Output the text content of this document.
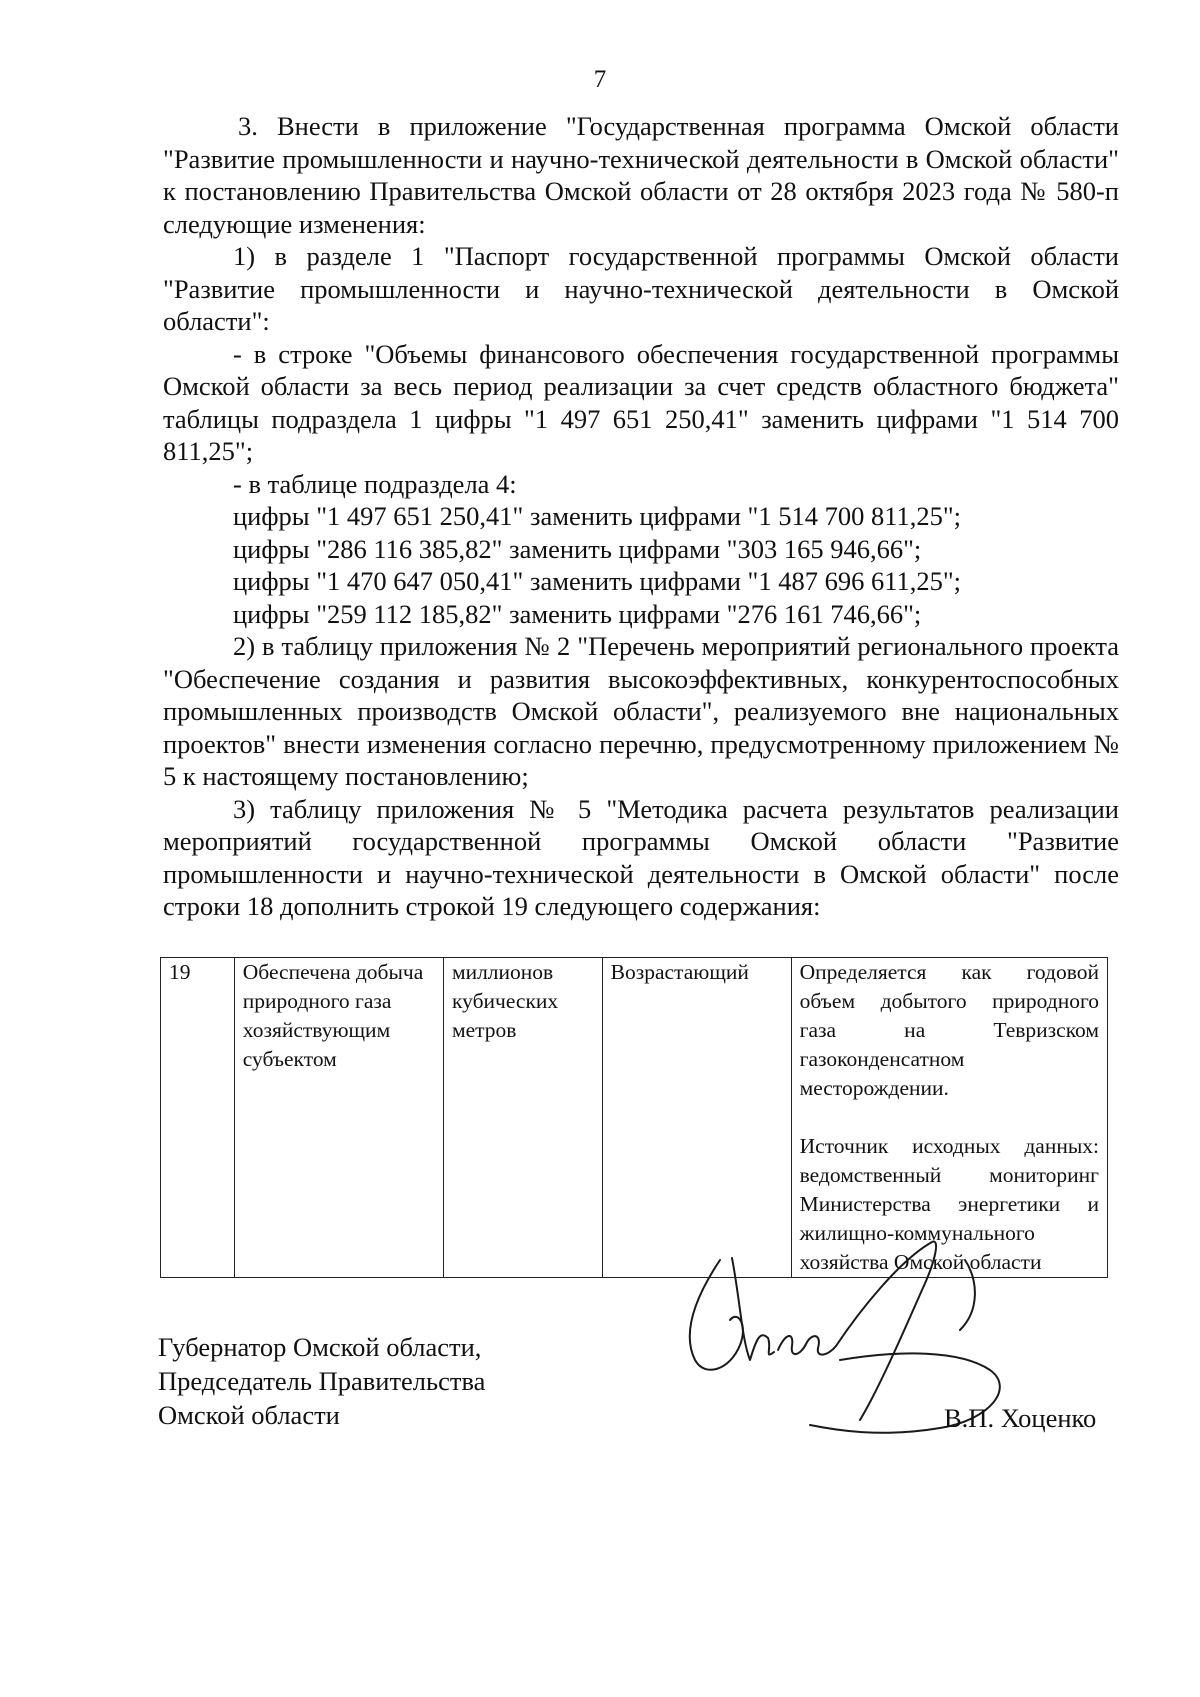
7

3. Внести в приложение "Государственная программа Омской области "Развитие промышленности и научно-технической деятельности в Омской области" к постановлению Правительства Омской области от 28 октября 2023 года № 580-п следующие изменения:

1) в разделе 1 "Паспорт государственной программы Омской области "Развитие промышленности и научно-технической деятельности в Омской области":

- в строке "Объемы финансового обеспечения государственной программы Омской области за весь период реализации за счет средств областного бюджета" таблицы подраздела 1 цифры "1 497 651 250,41" заменить цифрами "1 514 700 811,25";

- в таблице подраздела 4:
цифры "1 497 651 250,41" заменить цифрами "1 514 700 811,25";
цифры "286 116 385,82" заменить цифрами "303 165 946,66";
цифры "1 470 647 050,41" заменить цифрами "1 487 696 611,25";
цифры "259 112 185,82" заменить цифрами "276 161 746,66";

2) в таблицу приложения № 2 "Перечень мероприятий регионального проекта "Обеспечение создания и развития высокоэффективных, конкурентоспособных промышленных производств Омской области", реализуемого вне национальных проектов" внести изменения согласно перечню, предусмотренному приложением № 5 к настоящему постановлению;

3) таблицу приложения № 5 "Методика расчета результатов реализации мероприятий государственной программы Омской области "Развитие промышленности и научно-технической деятельности в Омской области" после строки 18 дополнить строкой 19 следующего содержания:

19	Обеспечена добыча природного газа хозяйствующим субъектом	миллионов кубических метров	Возрастающий	Определяется как годовой объем добытого природного газа на Тевризском газоконденсатном месторождении.
Источник исходных данных: ведомственный мониторинг Министерства энергетики и жилищно-коммунального хозяйства Омской области
Губернатор Омской области,
Председатель Правительства
Омской области	В.П. Хоценко
